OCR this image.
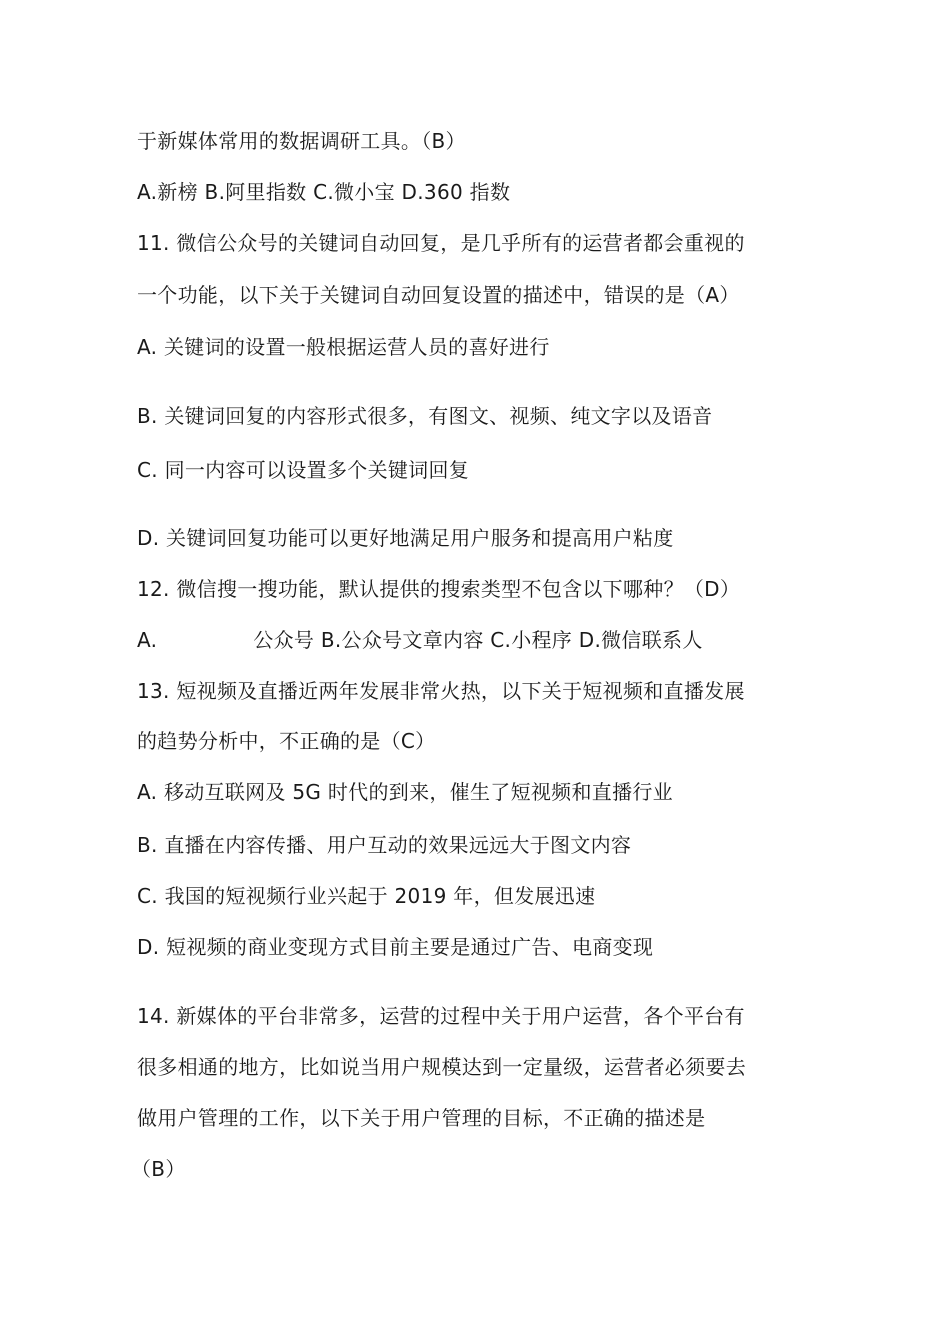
于新媒体常用的数据调研工具。（B）
A.新榜 B.阿里指数 C.微小宝 D.360 指数
11. 微信公众号的关键词自动回复，是几乎所有的运营者都会重视的
一个功能，以下关于关键词自动回复设置的描述中，错误的是（A）
A. 关键词的设置一般根据运营人员的喜好进行
B. 关键词回复的内容形式很多，有图文、视频、纯文字以及语音
C. 同一内容可以设置多个关键词回复
D. 关键词回复功能可以更好地满足用户服务和提高用户粘度
12. 微信搜一搜功能，默认提供的搜索类型不包含以下哪种？（D）
A.	公众号 B.公众号文章内容 C.小程序 D.微信联系人
13. 短视频及直播近两年发展非常火热，以下关于短视频和直播发展
的趋势分析中，不正确的是（C）
A. 移动互联网及 5G 时代的到来，催生了短视频和直播行业
B. 直播在内容传播、用户互动的效果远远大于图文内容
C. 我国的短视频行业兴起于 2019 年，但发展迅速
D. 短视频的商业变现方式目前主要是通过广告、电商变现
14. 新媒体的平台非常多，运营的过程中关于用户运营，各个平台有
很多相通的地方，比如说当用户规模达到一定量级，运营者必须要去
做用户管理的工作，以下关于用户管理的目标，不正确的描述是
（B）
